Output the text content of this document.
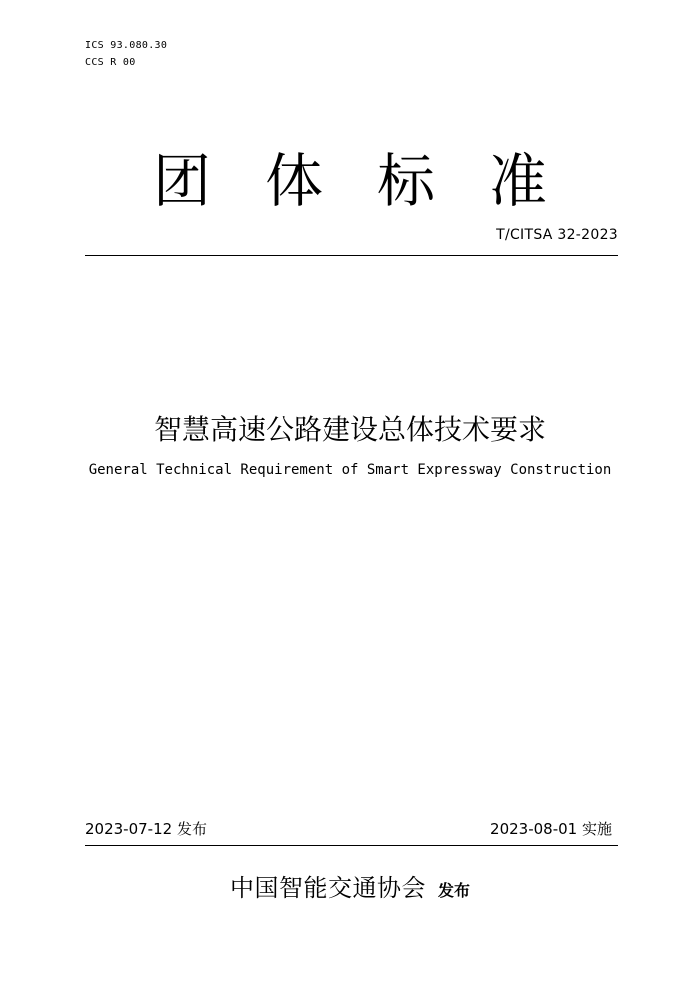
ICS 93.080.30
CCS R 00
团 体 标 准
T/CITSA 32-2023
智慧高速公路建设总体技术要求
General Technical Requirement of Smart Expressway Construction
2023-07-12 发布	2023-08-01 实施
中国智能交通协会 发布
